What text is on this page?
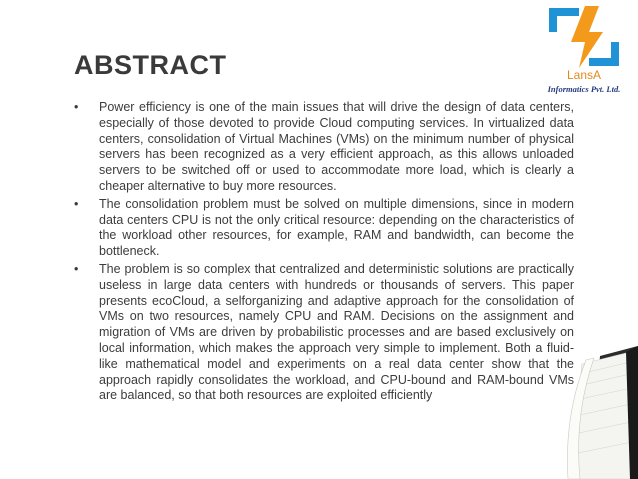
LansA
Informatics Pvt. Ltd.
ABSTRACT
•	Power efficiency is one of the main issues that will drive the design of data centers, especially of those devoted to provide Cloud computing services. In virtualized data centers, consolidation of Virtual Machines (VMs) on the minimum number of physical servers has been recognized as a very efficient approach, as this allows unloaded servers to be switched off or used to accommodate more load, which is clearly a cheaper alternative to buy more resources.
•	The consolidation problem must be solved on multiple dimensions, since in modern data centers CPU is not the only critical resource: depending on the characteristics of the workload other resources, for example, RAM and bandwidth, can become the bottleneck.
•	The problem is so complex that centralized and deterministic solutions are practically useless in large data centers with hundreds or thousands of servers. This paper presents ecoCloud, a selforganizing and adaptive approach for the consolidation of VMs on two resources, namely CPU and RAM. Decisions on the assignment and migration of VMs are driven by probabilistic processes and are based exclusively on local information, which makes the approach very simple to implement. Both a fluid-like mathematical model and experiments on a real data center show that the approach rapidly consolidates the workload, and CPU-bound and RAM-bound VMs are balanced, so that both resources are exploited efficiently
